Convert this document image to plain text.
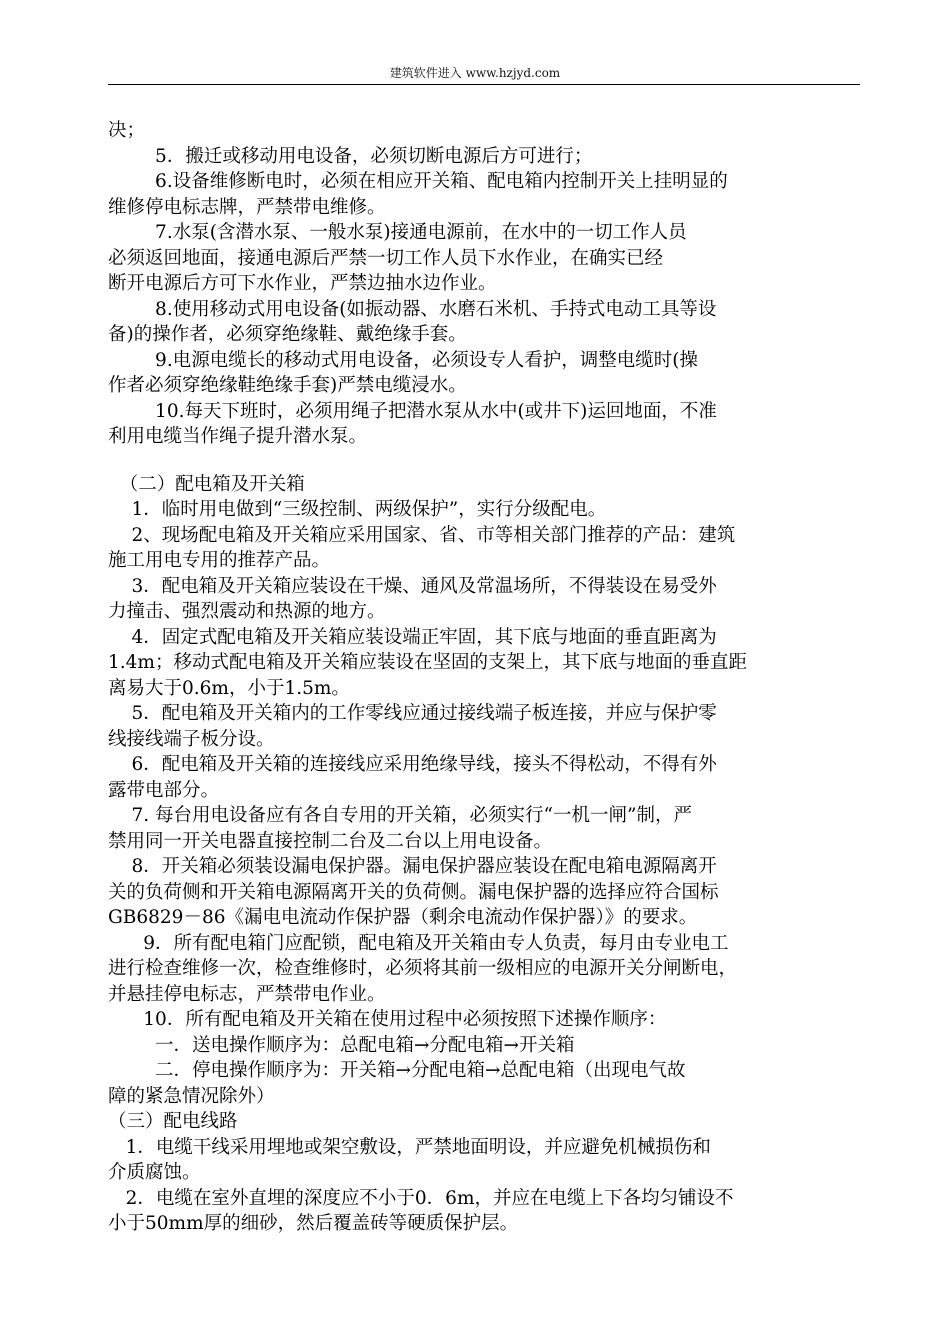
建筑软件进入 www.hzjyd.com
决；
5．搬迁或移动用电设备，必须切断电源后方可进行；
6.设备维修断电时，必须在相应开关箱、配电箱内控制开关上挂明显的
维修停电标志牌，严禁带电维修。
7.水泵(含潜水泵、一般水泵)接通电源前，在水中的一切工作人员
必须返回地面，接通电源后严禁一切工作人员下水作业，在确实已经
断开电源后方可下水作业，严禁边抽水边作业。
8.使用移动式用电设备(如振动器、水磨石米机、手持式电动工具等设
备)的操作者，必须穿绝缘鞋、戴绝缘手套。
9.电源电缆长的移动式用电设备，必须设专人看护，调整电缆时(操
作者必须穿绝缘鞋绝缘手套)严禁电缆浸水。
10.每天下班时，必须用绳子把潜水泵从水中(或井下)运回地面，不准
利用电缆当作绳子提升潜水泵。
（二）配电箱及开关箱
1．临时用电做到“三级控制、两级保护”，实行分级配电。
2、现场配电箱及开关箱应采用国家、省、市等相关部门推荐的产品：建筑
施工用电专用的推荐产品。
3．配电箱及开关箱应装设在干燥、通风及常温场所，不得装设在易受外
力撞击、强烈震动和热源的地方。
4．固定式配电箱及开关箱应装设端正牢固，其下底与地面的垂直距离为
1.4m；移动式配电箱及开关箱应装设在坚固的支架上，其下底与地面的垂直距
离易大于0.6m，小于1.5m。
5．配电箱及开关箱内的工作零线应通过接线端子板连接，并应与保护零
线接线端子板分设。
6．配电箱及开关箱的连接线应采用绝缘导线，接头不得松动，不得有外
露带电部分。
7. 每台用电设备应有各自专用的开关箱，必须实行“一机一闸”制，严
禁用同一开关电器直接控制二台及二台以上用电设备。
8．开关箱必须装设漏电保护器。漏电保护器应装设在配电箱电源隔离开
关的负荷侧和开关箱电源隔离开关的负荷侧。漏电保护器的选择应符合国标
GB6829－86《漏电电流动作保护器（剩余电流动作保护器）》的要求。
9．所有配电箱门应配锁，配电箱及开关箱由专人负责，每月由专业电工
进行检查维修一次，检查维修时，必须将其前一级相应的电源开关分闸断电，
并悬挂停电标志，严禁带电作业。
10．所有配电箱及开关箱在使用过程中必须按照下述操作顺序：
一．送电操作顺序为：总配电箱→分配电箱→开关箱
二．停电操作顺序为：开关箱→分配电箱→总配电箱（出现电气故
障的紧急情况除外）
（三）配电线路
1．电缆干线采用埋地或架空敷设，严禁地面明设，并应避免机械损伤和
介质腐蚀。
2．电缆在室外直埋的深度应不小于0．6m，并应在电缆上下各均匀铺设不
小于50mm厚的细砂，然后覆盖砖等硬质保护层。
